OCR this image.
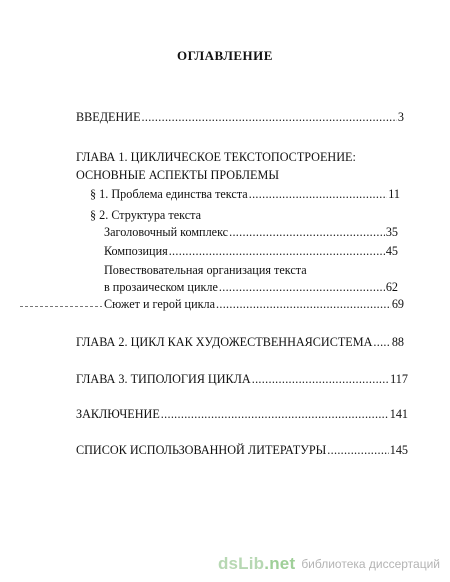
ОГЛАВЛЕНИЕ
ВВЕДЕНИЕ .....	3
ГЛАВА 1. ЦИКЛИЧЕСКОЕ ТЕКСТОПОСТРОЕНИЕ:
ОСНОВНЫЕ АСПЕКТЫ ПРОБЛЕМЫ
§ 1. Проблема единства текста .....	11
§ 2. Структура текста
Заголовочный комплекс .....	35
Композиция .....	45
Повествовательная организация текста
в прозаическом цикле .....	62
Сюжет и герой цикла .....	69
ГЛАВА 2. ЦИКЛ КАК ХУДОЖЕСТВЕННАЯСИСТЕМА ..... 88
ГЛАВА 3. ТИПОЛОГИЯ ЦИКЛА .....	117
ЗАКЛЮЧЕНИЕ .....	141
СПИСОК ИСПОЛЬЗОВАННОЙ ЛИТЕРАТУРЫ .....	145
dsLib.net библиотека диссертаций
